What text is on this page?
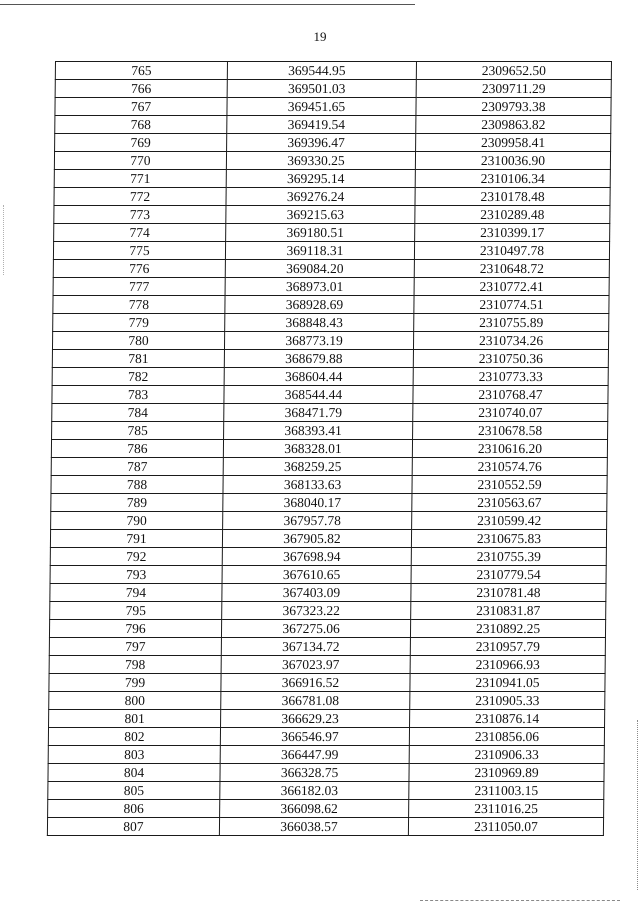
19
765	369544.95	2309652.50
766	369501.03	2309711.29
767	369451.65	2309793.38
768	369419.54	2309863.82
769	369396.47	2309958.41
770	369330.25	2310036.90
771	369295.14	2310106.34
772	369276.24	2310178.48
773	369215.63	2310289.48
774	369180.51	2310399.17
775	369118.31	2310497.78
776	369084.20	2310648.72
777	368973.01	2310772.41
778	368928.69	2310774.51
779	368848.43	2310755.89
780	368773.19	2310734.26
781	368679.88	2310750.36
782	368604.44	2310773.33
783	368544.44	2310768.47
784	368471.79	2310740.07
785	368393.41	2310678.58
786	368328.01	2310616.20
787	368259.25	2310574.76
788	368133.63	2310552.59
789	368040.17	2310563.67
790	367957.78	2310599.42
791	367905.82	2310675.83
792	367698.94	2310755.39
793	367610.65	2310779.54
794	367403.09	2310781.48
795	367323.22	2310831.87
796	367275.06	2310892.25
797	367134.72	2310957.79
798	367023.97	2310966.93
799	366916.52	2310941.05
800	366781.08	2310905.33
801	366629.23	2310876.14
802	366546.97	2310856.06
803	366447.99	2310906.33
804	366328.75	2310969.89
805	366182.03	2311003.15
806	366098.62	2311016.25
807	366038.57	2311050.07
